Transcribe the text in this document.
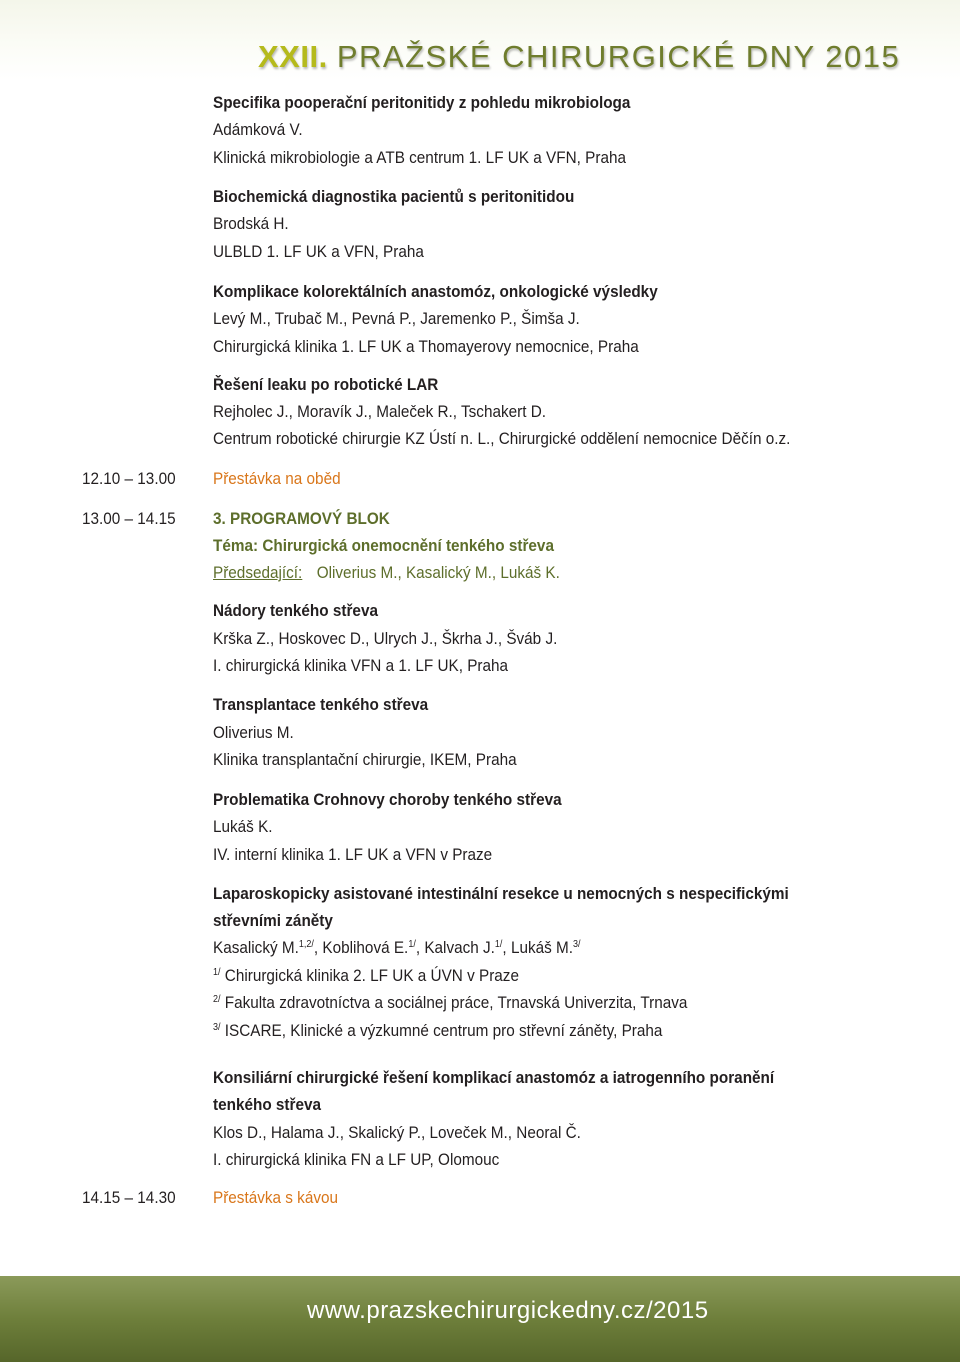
XXII. PRAŽSKÉ CHIRURGICKÉ DNY 2015
Specifika pooperační peritonitidy z pohledu mikrobiologa
Adámková V.
Klinická mikrobiologie a ATB centrum 1. LF UK a VFN, Praha
Biochemická diagnostika pacientů s peritonitidou
Brodská H.
ULBLD 1. LF UK a VFN, Praha
Komplikace kolorektálních anastomóz, onkologické výsledky
Levý M., Trubač M., Pevná P., Jaremenko P., Šimša J.
Chirurgická klinika 1. LF UK a Thomayerovy nemocnice, Praha
Řešení leaku po robotické LAR
Rejholec J., Moravík J., Maleček R., Tschakert D.
Centrum robotické chirurgie KZ Ústí n. L., Chirurgické oddělení nemocnice Děčín o.z.
12.10 – 13.00 Přestávka na oběd
13.00 – 14.15 3. PROGRAMOVÝ BLOK
Téma: Chirurgická onemocnění tenkého střeva
Předsedající: Oliverius M., Kasalický M., Lukáš K.
Nádory tenkého střeva
Krška Z., Hoskovec D., Ulrych J., Škrha J., Šváb J.
I. chirurgická klinika VFN a 1. LF UK, Praha
Transplantace tenkého střeva
Oliverius M.
Klinika transplantační chirurgie, IKEM, Praha
Problematika Crohnovy choroby tenkého střeva
Lukáš K.
IV. interní klinika 1. LF UK a VFN v Praze
Laparoskopicky asistované intestinální resekce u nemocných s nespecifickými
střevními záněty
Kasalický M.$^{1,2/}$, Koblihová E.$^{1/}$, Kalvach J.$^{1/}$, Lukáš M.$^{3/}$
$^{1/}$ Chirurgická klinika 2. LF UK a ÚVN v Praze
$^{2/}$ Fakulta zdravotníctva a sociálnej práce, Trnavská Univerzita, Trnava
$^{3/}$ ISCARE, Klinické a výzkumné centrum pro střevní záněty, Praha
Konsiliární chirurgické řešení komplikací anastomóz a iatrogenního poranění
tenkého střeva
Klos D., Halama J., Skalický P., Loveček M., Neoral Č.
I. chirurgická klinika FN a LF UP, Olomouc
14.15 – 14.30 Přestávka s kávou
www.prazskechirurgickedny.cz/2015
